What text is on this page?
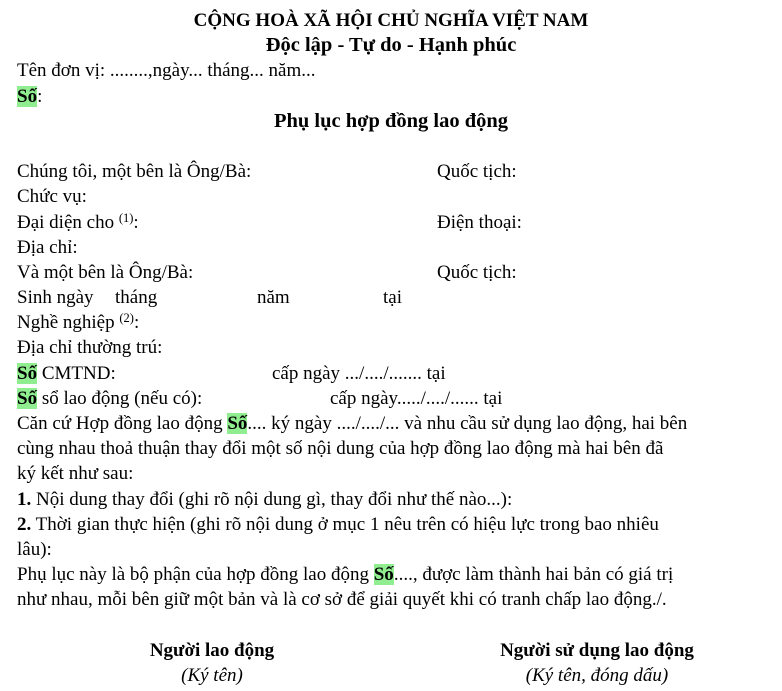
CỘNG HOÀ XÃ HỘI CHỦ NGHĨA VIỆT NAM
Độc lập - Tự do - Hạnh phúc
Tên đơn vị: ........,ngày... tháng... năm...
Số:
Phụ lục hợp đồng lao động
Chúng tôi, một bên là Ông/Bà:	Quốc tịch:
Chức vụ:
Đại diện cho $^{(1)}$:	Điện thoại:
Địa chỉ:
Và một bên là Ông/Bà:	Quốc tịch:
Sinh ngày tháng	năm	tại
Nghề nghiệp $^{(2)}$:
Địa chỉ thường trú:
Số CMTND:	cấp ngày .../..../....... tại
Số sổ lao động (nếu có):	cấp ngày...../..../...... tại
Căn cứ Hợp đồng lao động Số.... ký ngày ..../..../... và nhu cầu sử dụng lao động, hai bên
cùng nhau thoả thuận thay đổi một số nội dung của hợp đồng lao động mà hai bên đã
ký kết như sau:
1. Nội dung thay đổi (ghi rõ nội dung gì, thay đổi như thế nào...):
2. Thời gian thực hiện (ghi rõ nội dung ở mục 1 nêu trên có hiệu lực trong bao nhiêu
lâu):
Phụ lục này là bộ phận của hợp đồng lao động Số...., được làm thành hai bản có giá trị
như nhau, mỗi bên giữ một bản và là cơ sở để giải quyết khi có tranh chấp lao động./.
Người lao động
(Ký tên)
Người sử dụng lao động
(Ký tên, đóng dấu)
